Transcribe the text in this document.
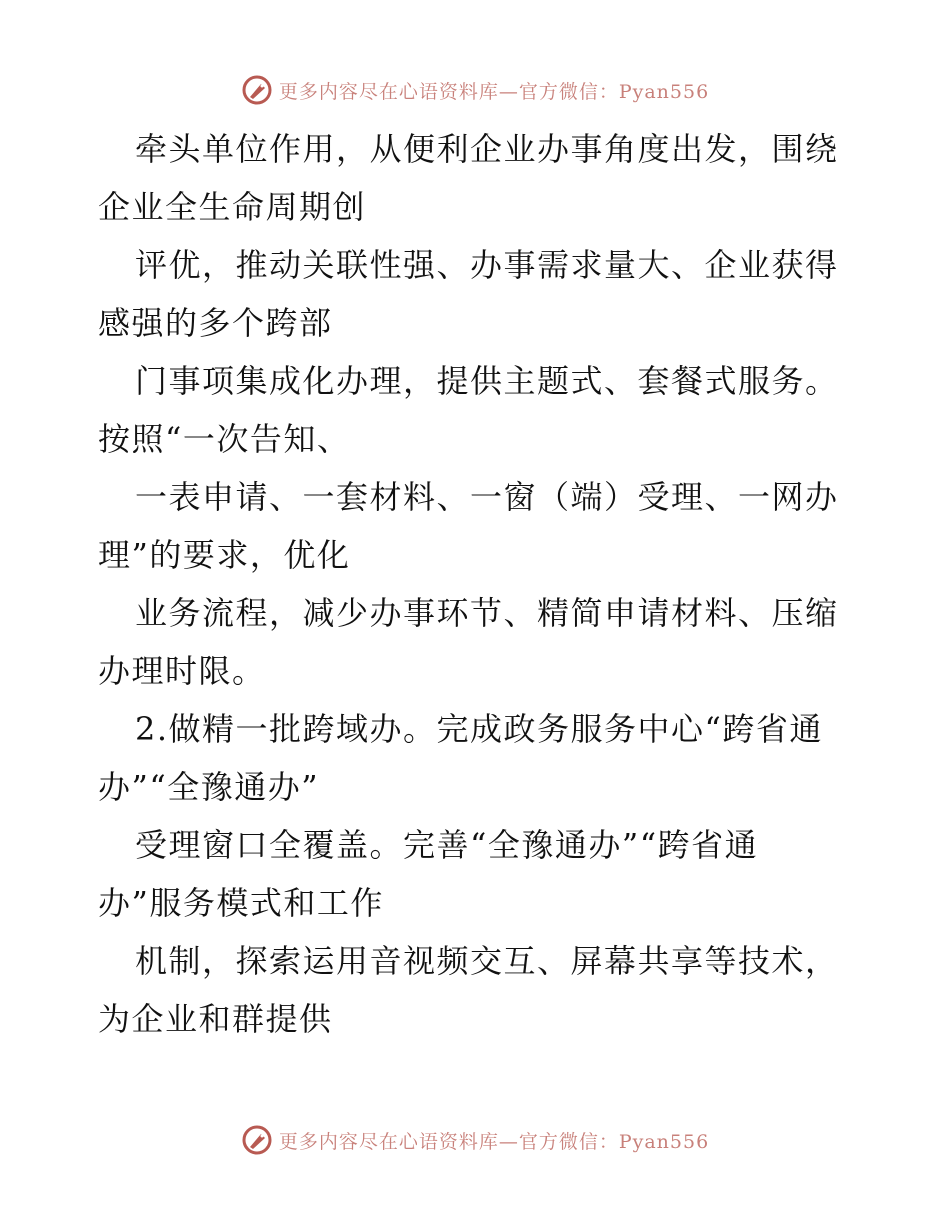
更多内容尽在心语资料库—官方微信：Pyan556
牵头单位作用，从便利企业办事角度出发，围绕
企业全生命周期创
评优，推动关联性强、办事需求量大、企业获得
感强的多个跨部
门事项集成化办理，提供主题式、套餐式服务。
按照“一次告知、
一表申请、一套材料、一窗（端）受理、一网办
理”的要求，优化
业务流程，减少办事环节、精简申请材料、压缩
办理时限。
2.做精一批跨域办。完成政务服务中心“跨省通
办”“全豫通办”
受理窗口全覆盖。完善“全豫通办”“跨省通
办”服务模式和工作
机制，探索运用音视频交互、屏幕共享等技术，
为企业和群提供
更多内容尽在心语资料库—官方微信：Pyan556
